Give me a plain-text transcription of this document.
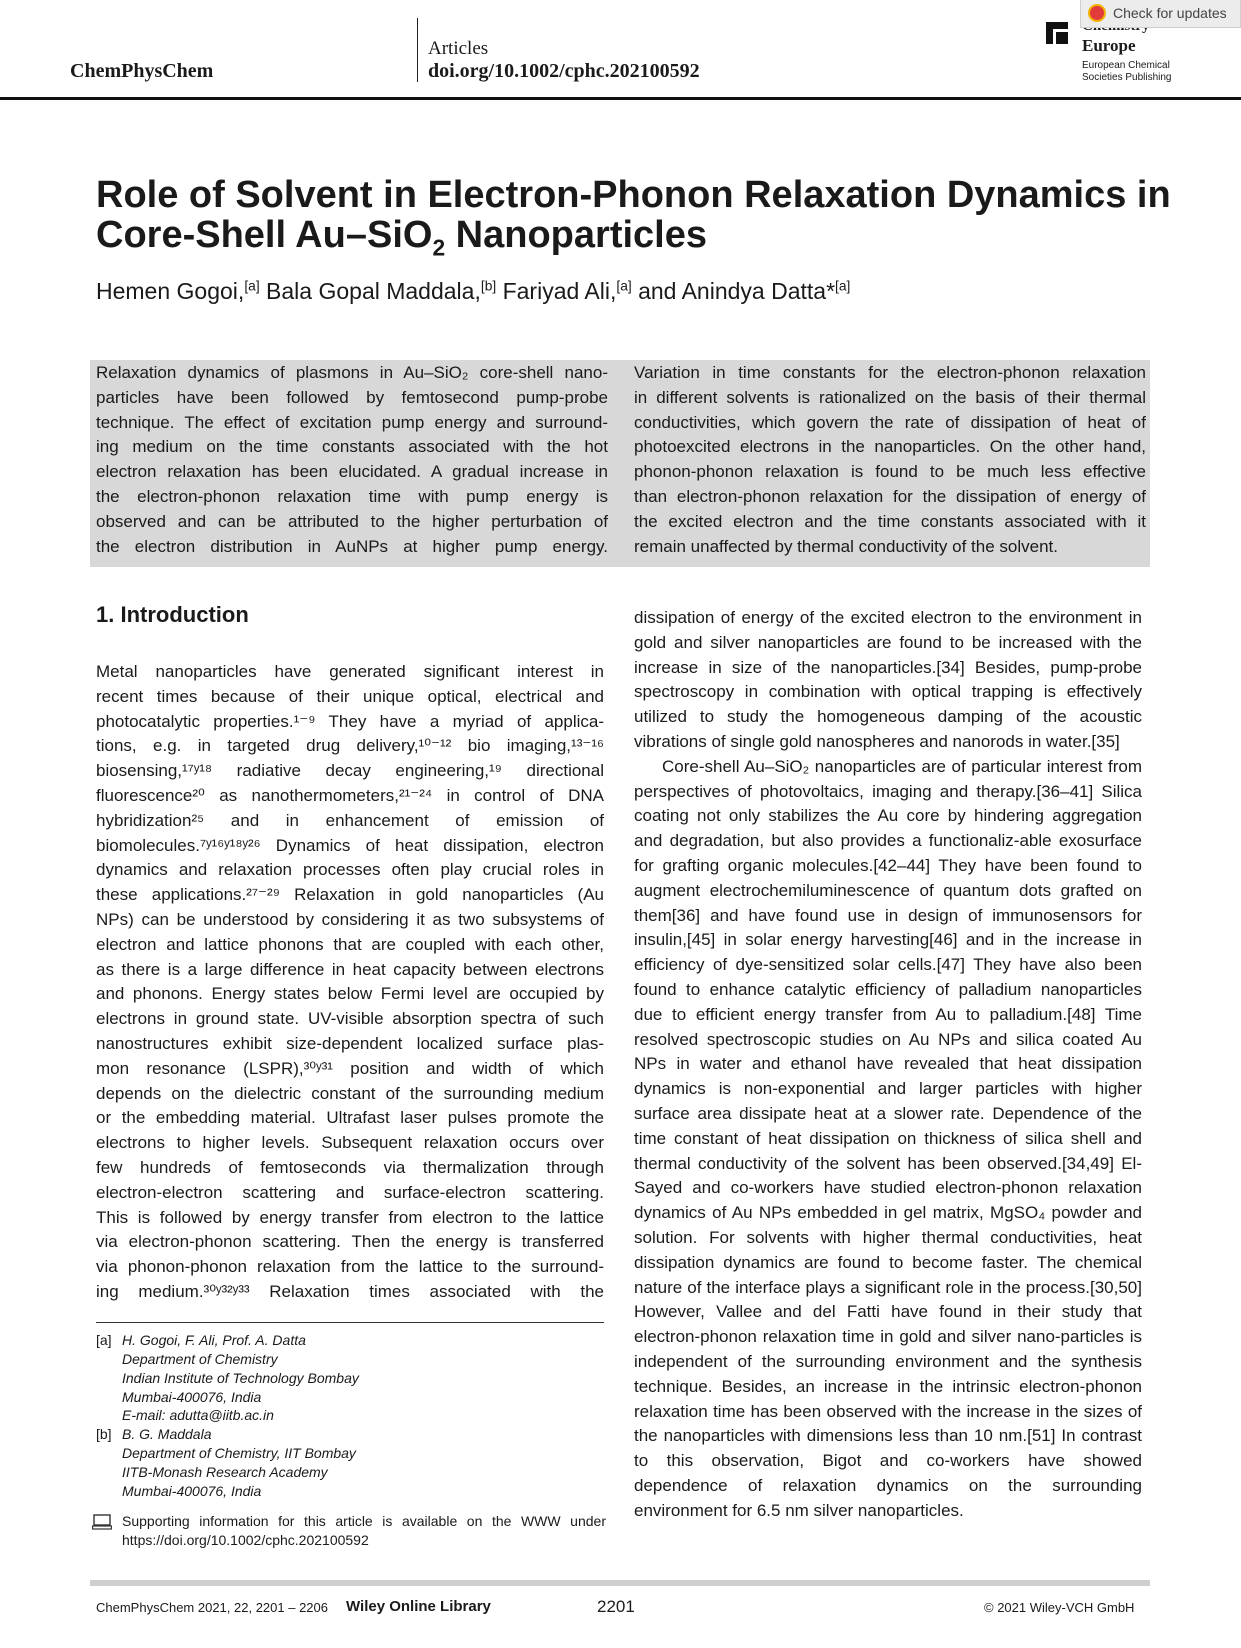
ChemPhysChem
Articles
doi.org/10.1002/cphc.202100592
Europe
European Chemical
Societies Publishing
Check for updates
Role of Solvent in Electron-Phonon Relaxation Dynamics in
Core-Shell Au–SiO$_2$ Nanoparticles
Hemen Gogoi,[a] Bala Gopal Maddala,[b] Fariyad Ali,[a] and Anindya Datta*[a]
Relaxation dynamics of plasmons in Au–SiO₂ core-shell nano-
particles have been followed by femtosecond pump-probe
technique. The effect of excitation pump energy and surround-
ing medium on the time constants associated with the hot
electron relaxation has been elucidated. A gradual increase in
the electron-phonon relaxation time with pump energy is
observed and can be attributed to the higher perturbation of
the electron distribution in AuNPs at higher pump energy.
Variation in time constants for the electron-phonon relaxation
in different solvents is rationalized on the basis of their thermal
conductivities, which govern the rate of dissipation of heat of
photoexcited electrons in the nanoparticles. On the other hand,
phonon-phonon relaxation is found to be much less effective
than electron-phonon relaxation for the dissipation of energy of
the excited electron and the time constants associated with it
remain unaffected by thermal conductivity of the solvent.
1. Introduction
Metal nanoparticles have generated significant interest in
recent times because of their unique optical, electrical and
photocatalytic properties.¹⁻⁹ They have a myriad of applica-
tions, e.g. in targeted drug delivery,¹⁰⁻¹² bio imaging,¹³⁻¹⁶
biosensing,¹⁷ʸ¹⁸ radiative decay engineering,¹⁹ directional
fluorescence²⁰ as nanothermometers,²¹⁻²⁴ in control of DNA
hybridization²⁵ and in enhancement of emission of
biomolecules.⁷ʸ¹⁶ʸ¹⁸ʸ²⁶ Dynamics of heat dissipation, electron
dynamics and relaxation processes often play crucial roles in
these applications.²⁷⁻²⁹ Relaxation in gold nanoparticles (Au
NPs) can be understood by considering it as two subsystems of
electron and lattice phonons that are coupled with each other,
as there is a large difference in heat capacity between electrons
and phonons. Energy states below Fermi level are occupied by
electrons in ground state. UV-visible absorption spectra of such
nanostructures exhibit size-dependent localized surface plas-
mon resonance (LSPR),³⁰ʸ³¹ position and width of which
depends on the dielectric constant of the surrounding medium
or the embedding material. Ultrafast laser pulses promote the
electrons to higher levels. Subsequent relaxation occurs over
few hundreds of femtoseconds via thermalization through
electron-electron scattering and surface-electron scattering.
This is followed by energy transfer from electron to the lattice
via electron-phonon scattering. Then the energy is transferred
via phonon-phonon relaxation from the lattice to the surround-
ing medium.³⁰ʸ³²ʸ³³ Relaxation times associated with the

dissipation of energy of the excited electron to the environment in gold and silver nanoparticles are found to be increased with the increase in size of the nanoparticles.[34] Besides, pump-probe spectroscopy in combination with optical trapping is effectively utilized to study the homogeneous damping of the acoustic vibrations of single gold nanospheres and nanorods in water.[35]

Core-shell Au–SiO₂ nanoparticles are of particular interest from perspectives of photovoltaics, imaging and therapy.[36–41] Silica coating not only stabilizes the Au core by hindering aggregation and degradation, but also provides a functionaliz-able exosurface for grafting organic molecules.[42–44] They have been found to augment electrochemiluminescence of quantum dots grafted on them[36] and have found use in design of immunosensors for insulin,[45] in solar energy harvesting[46] and in the increase in efficiency of dye-sensitized solar cells.[47] They have also been found to enhance catalytic efficiency of palladium nanoparticles due to efficient energy transfer from Au to palladium.[48] Time resolved spectroscopic studies on Au NPs and silica coated Au NPs in water and ethanol have revealed that heat dissipation dynamics is non-exponential and larger particles with higher surface area dissipate heat at a slower rate. Dependence of the time constant of heat dissipation on thickness of silica shell and thermal conductivity of the solvent has been observed.[34,49] El-Sayed and co-workers have studied electron-phonon relaxation dynamics of Au NPs embedded in gel matrix, MgSO₄ powder and solution. For solvents with higher thermal conductivities, heat dissipation dynamics are found to become faster. The chemical nature of the interface plays a significant role in the process.[30,50] However, Vallee and del Fatti have found in their study that electron-phonon relaxation time in gold and silver nano-particles is independent of the surrounding environment and the synthesis technique. Besides, an increase in the intrinsic electron-phonon relaxation time has been observed with the increase in the sizes of the nanoparticles with dimensions less than 10 nm.[51] In contrast to this observation, Bigot and co-workers have showed dependence of relaxation dynamics on the surrounding environment for 6.5 nm silver nanoparticles.

[a] H. Gogoi, F. Ali, Prof. A. Datta
Department of Chemistry
Indian Institute of Technology Bombay
Mumbai-400076, India
E-mail: adutta@iitb.ac.in
[b] B. G. Maddala
Department of Chemistry, IIT Bombay
IITB-Monash Research Academy
Mumbai-400076, India
Supporting information for this article is available on the WWW under https://doi.org/10.1002/cphc.202100592
ChemPhysChem 2021, 22, 2201 – 2206 Wiley Online Library	2201	© 2021 Wiley-VCH GmbH
